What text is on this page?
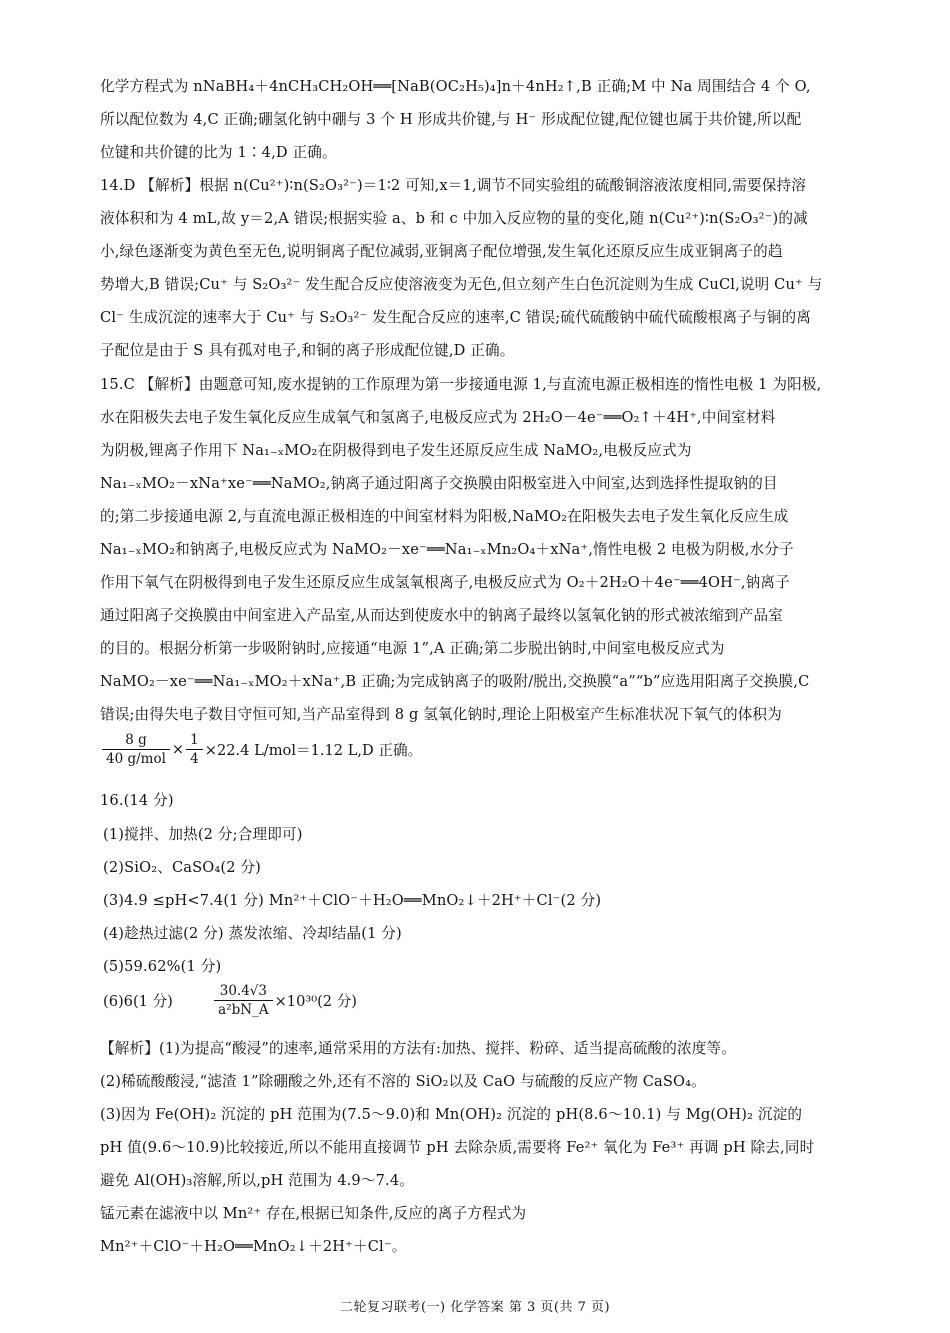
化学方程式为 nNaBH₄＋4nCH₃CH₂OH══[NaB(OC₂H₅)₄]n＋4nH₂↑,B 正确;M 中 Na 周围结合 4 个 O,
所以配位数为 4,C 正确;硼氢化钠中硼与 3 个 H 形成共价键,与 H⁻ 形成配位键,配位键也属于共价键,所以配
位键和共价键的比为 1∶4,D 正确。
14.D 【解析】根据 n(Cu²⁺)∶n(S₂O₃²⁻)＝1∶2 可知,x＝1,调节不同实验组的硫酸铜溶液浓度相同,需要保持溶
液体积和为 4 mL,故 y＝2,A 错误;根据实验 a、b 和 c 中加入反应物的量的变化,随 n(Cu²⁺)∶n(S₂O₃²⁻)的减
小,绿色逐渐变为黄色至无色,说明铜离子配位减弱,亚铜离子配位增强,发生氧化还原反应生成亚铜离子的趋
势增大,B 错误;Cu⁺ 与 S₂O₃²⁻ 发生配合反应使溶液变为无色,但立刻产生白色沉淀则为生成 CuCl,说明 Cu⁺ 与
Cl⁻ 生成沉淀的速率大于 Cu⁺ 与 S₂O₃²⁻ 发生配合反应的速率,C 错误;硫代硫酸钠中硫代硫酸根离子与铜的离
子配位是由于 S 具有孤对电子,和铜的离子形成配位键,D 正确。
15.C 【解析】由题意可知,废水提钠的工作原理为第一步接通电源 1,与直流电源正极相连的惰性电极 1 为阳极,
水在阳极失去电子发生氧化反应生成氧气和氢离子,电极反应式为 2H₂O－4e⁻══O₂↑＋4H⁺,中间室材料
为阴极,锂离子作用下 Na₁₋ₓMO₂在阴极得到电子发生还原反应生成 NaMO₂,电极反应式为
Na₁₋ₓMO₂－xNa⁺xe⁻══NaMO₂,钠离子通过阳离子交换膜由阳极室进入中间室,达到选择性提取钠的目
的;第二步接通电源 2,与直流电源正极相连的中间室材料为阳极,NaMO₂在阳极失去电子发生氧化反应生成
Na₁₋ₓMO₂和钠离子,电极反应式为 NaMO₂－xe⁻══Na₁₋ₓMn₂O₄＋xNa⁺,惰性电极 2 电极为阴极,水分子
作用下氧气在阴极得到电子发生还原反应生成氢氧根离子,电极反应式为 O₂＋2H₂O＋4e⁻══4OH⁻,钠离子
通过阳离子交换膜由中间室进入产品室,从而达到使废水中的钠离子最终以氢氧化钠的形式被浓缩到产品室
的目的。根据分析第一步吸附钠时,应接通“电源 1”,A 正确;第二步脱出钠时,中间室电极反应式为
NaMO₂－xe⁻══Na₁₋ₓMO₂＋xNa⁺,B 正确;为完成钠离子的吸附/脱出,交换膜“a”“b”应选用阳离子交换膜,C
错误;由得失电子数目守恒可知,当产品室得到 8 g 氢氧化钠时,理论上阳极室产生标准状况下氧气的体积为
$\frac{8 g}{\text{40 g/mol}} \times \frac{1}{4} \times 22.4$ L/mol＝1.12 L,D 正确。
16.(14 分)
(1)搅拌、加热(2 分;合理即可)
(2)SiO₂、CaSO₄(2 分)
(3)4.9 ≤pH<7.4(1 分) Mn²⁺＋ClO⁻＋H₂O══MnO₂↓＋2H⁺＋Cl⁻(2 分)
(4)趁热过滤(2 分) 蒸发浓缩、冷却结晶(1 分)
(5)59.62%(1 分)
(6)6(1 分)	$\frac{30.4√3}{\text{a²bN\_A}} \times 10^{30}(2$ 分)
【解析】(1)为提高“酸浸”的速率,通常采用的方法有:加热、搅拌、粉碎、适当提高硫酸的浓度等。
(2)稀硫酸酸浸,“滤渣 1”除硼酸之外,还有不溶的 SiO₂以及 CaO 与硫酸的反应产物 CaSO₄。
(3)因为 Fe(OH)₂ 沉淀的 pH 范围为(7.5～9.0)和 Mn(OH)₂ 沉淀的 pH(8.6～10.1) 与 Mg(OH)₂ 沉淀的
pH 值(9.6～10.9)比较接近,所以不能用直接调节 pH 去除杂质,需要将 Fe²⁺ 氧化为 Fe³⁺ 再调 pH 除去,同时
避免 Al(OH)₃溶解,所以,pH 范围为 4.9～7.4。
锰元素在滤液中以 Mn²⁺ 存在,根据已知条件,反应的离子方程式为
Mn²⁺＋ClO⁻＋H₂O══MnO₂↓＋2H⁺＋Cl⁻。
二轮复习联考(一) 化学答案 第 3 页(共 7 页)
